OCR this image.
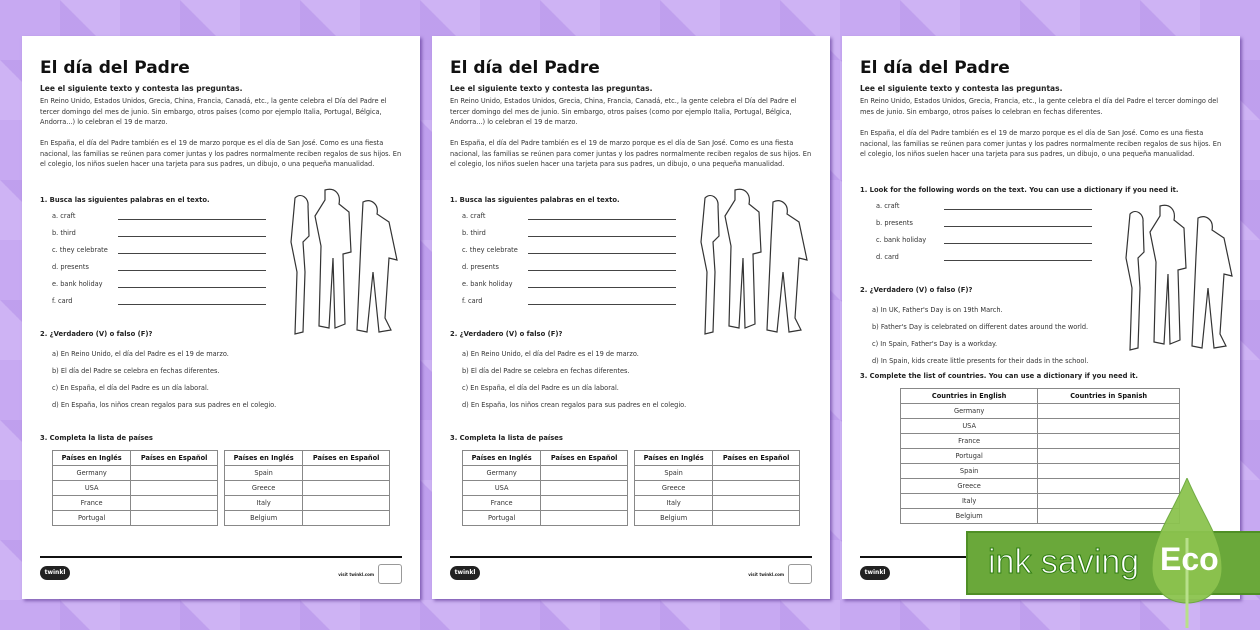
El día del Padre
Lee el siguiente texto y contesta las preguntas.
En Reino Unido, Estados Unidos, Grecia, China, Francia, Canadá, etc., la gente celebra el Día del Padre el tercer domingo del mes de junio. Sin embargo, otros países (como por ejemplo Italia, Portugal, Bélgica, Andorra...) lo celebran el 19 de marzo.
En España, el día del Padre también es el 19 de marzo porque es el día de San José. Como es una fiesta nacional, las familias se reúnen para comer juntas y los padres normalmente reciben regalos de sus hijos. En el colegio, los niños suelen hacer una tarjeta para sus padres, un dibujo, o una pequeña manualidad.
1. Busca las siguientes palabras en el texto.
a. craft
b. third
c. they celebrate
d. presents
e. bank holiday
f. card
2. ¿Verdadero (V) o falso (F)?
a) En Reino Unido, el día del Padre es el 19 de marzo.
b) El día del Padre se celebra en fechas diferentes.
c) En España, el día del Padre es un día laboral.
d) En España, los niños crean regalos para sus padres en el colegio.
3. Completa la lista de países
Países en Inglés	Países en Español
Germany	
USA	
France	
Portugal	
Países en Inglés	Países en Español
Spain	
Greece	
Italy	
Belgium	
twinkl	visit twinkl.com
El día del Padre
Lee el siguiente texto y contesta las preguntas.
En Reino Unido, Estados Unidos, Grecia, China, Francia, Canadá, etc., la gente celebra el Día del Padre el tercer domingo del mes de junio. Sin embargo, otros países (como por ejemplo Italia, Portugal, Bélgica, Andorra...) lo celebran el 19 de marzo.
En España, el día del Padre también es el 19 de marzo porque es el día de San José. Como es una fiesta nacional, las familias se reúnen para comer juntas y los padres normalmente reciben regalos de sus hijos. En el colegio, los niños suelen hacer una tarjeta para sus padres, un dibujo, o una pequeña manualidad.
1. Busca las siguientes palabras en el texto.
a. craft
b. third
c. they celebrate
d. presents
e. bank holiday
f. card
2. ¿Verdadero (V) o falso (F)?
a) En Reino Unido, el día del Padre es el 19 de marzo.
b) El día del Padre se celebra en fechas diferentes.
c) En España, el día del Padre es un día laboral.
d) En España, los niños crean regalos para sus padres en el colegio.
3. Completa la lista de países
Países en Inglés	Países en Español
Germany	
USA	
France	
Portugal	
Países en Inglés	Países en Español
Spain	
Greece	
Italy	
Belgium	
twinkl	visit twinkl.com
El día del Padre
Lee el siguiente texto y contesta las preguntas.
En Reino Unido, Estados Unidos, Grecia, Francia, etc., la gente celebra el día del Padre el tercer domingo del mes de junio. Sin embargo, otros países lo celebran en fechas diferentes.
En España, el día del Padre también es el 19 de marzo porque es el día de San José. Como es una fiesta nacional, las familias se reúnen para comer juntas y los padres normalmente reciben regalos de sus hijos. En el colegio, los niños suelen hacer una tarjeta para sus padres, un dibujo, o una pequeña manualidad.
1. Look for the following words on the text. You can use a dictionary if you need it.
a. craft
b. presents
c. bank holiday
d. card
2. ¿Verdadero (V) o falso (F)?
a) In UK, Father's Day is on 19th March.
b) Father's Day is celebrated on different dates around the world.
c) In Spain, Father's Day is a workday.
d) In Spain, kids create little presents for their dads in the school.
3. Complete the list of countries. You can use a dictionary if you need it.
Countries in English	Countries in Spanish
Germany	
USA	
France	
Portugal	
Spain	
Greece	
Italy	
Belgium	
twinkl	ink saving Eco
